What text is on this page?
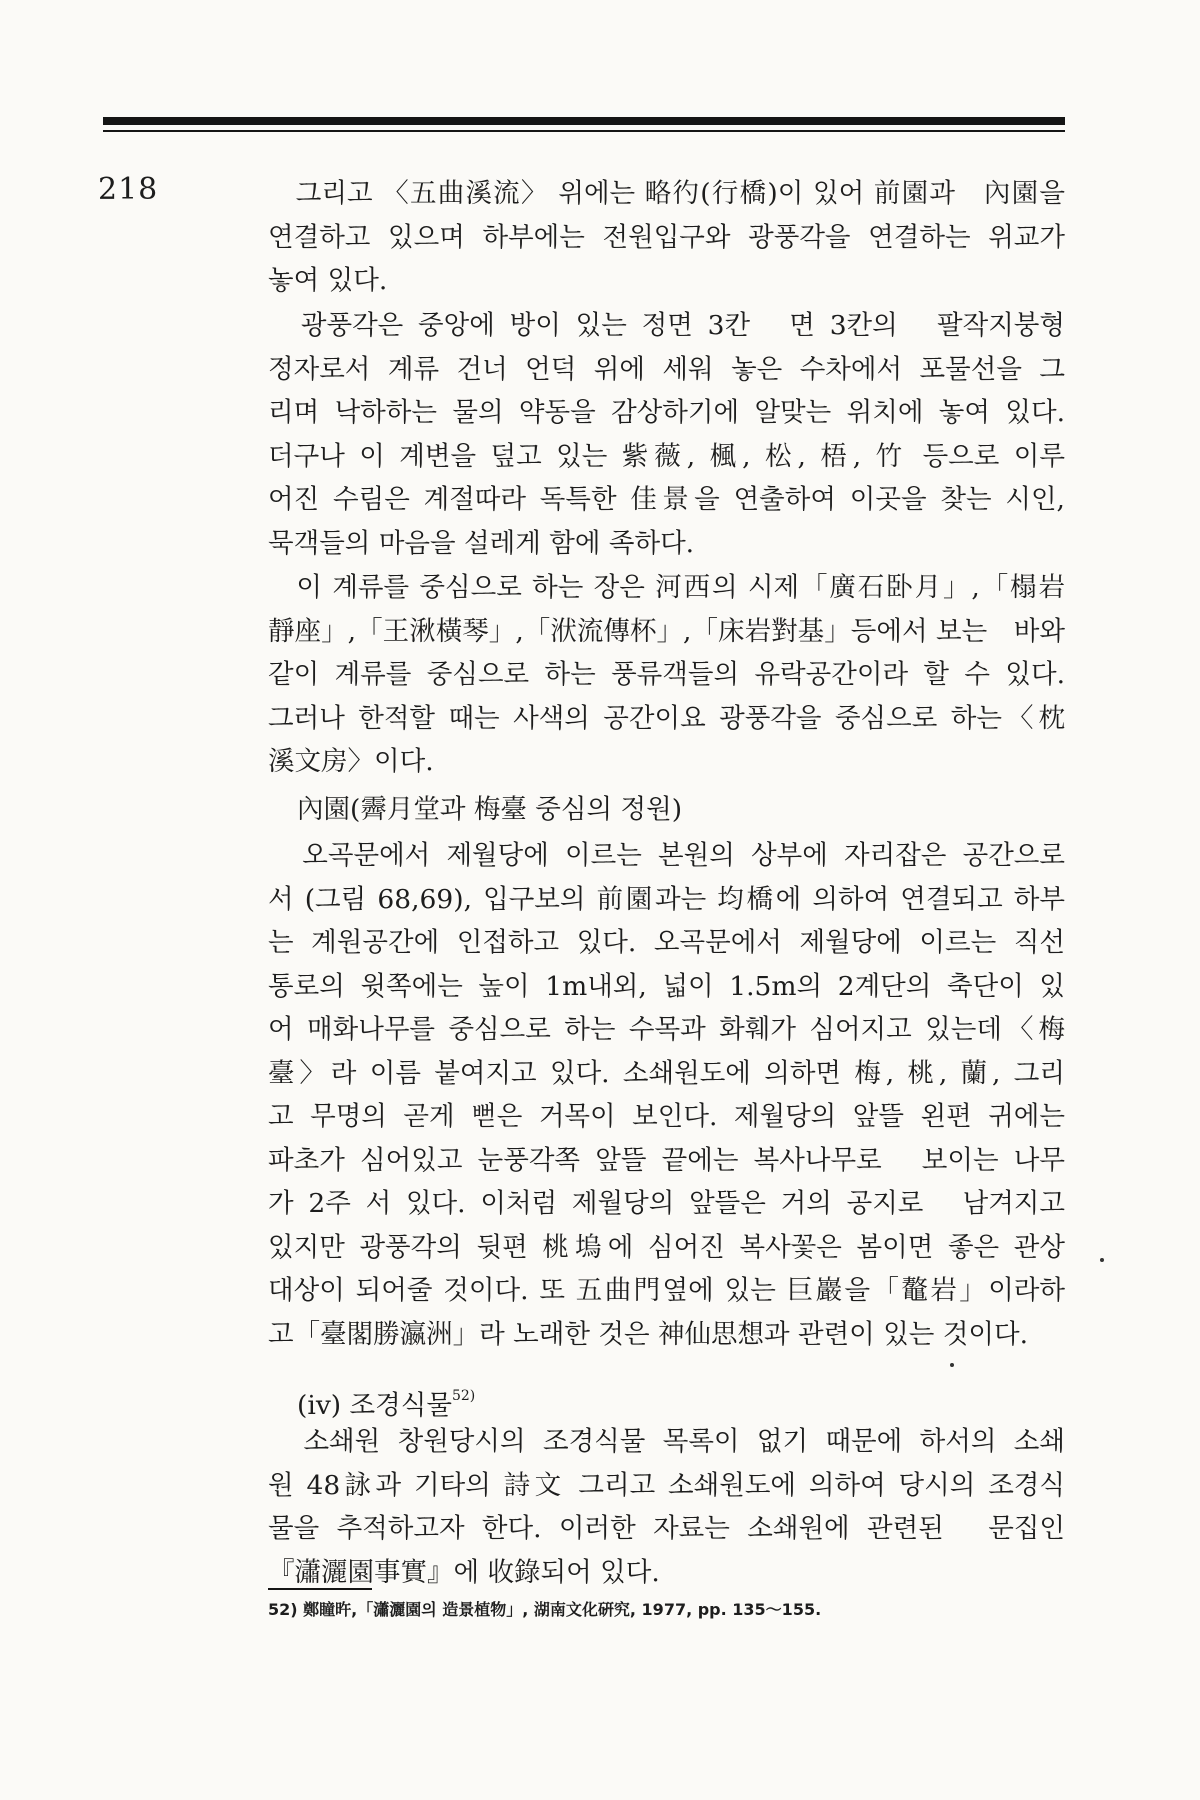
218	　그리고 〈五曲溪流〉 위에는 略彴(行橋)이 있어 前園과　內園을
연결하고 있으며 하부에는 전원입구와 광풍각을 연결하는 위교가
놓여 있다.
　광풍각은 중앙에 방이 있는 정면 3칸　면 3칸의　팔작지붕형
정자로서 계류 건너 언덕 위에 세워 놓은 수차에서 포물선을 그
리며 낙하하는 물의 약동을 감상하기에 알맞는 위치에 놓여 있다.
더구나 이 계변을 덮고 있는 紫薇, 楓, 松, 梧, 竹 등으로 이루
어진 수림은 계절따라 독특한 佳景을 연출하여 이곳을 찾는 시인,
묵객들의 마음을 설레게 함에 족하다.
　이 계류를 중심으로 하는 장은 河西의 시제「廣石卧月」,「榻岩
靜座」,「王湫橫琴」,「洑流傳杯」,「床岩對基」등에서 보는　바와
같이 계류를 중심으로 하는 풍류객들의 유락공간이라 할 수 있다.
그러나 한적할 때는 사색의 공간이요 광풍각을 중심으로 하는〈枕
溪文房〉이다.
內園(霽月堂과 梅臺 중심의 정원)
　오곡문에서 제월당에 이르는 본원의 상부에 자리잡은 공간으로
서 (그림 68,69), 입구보의 前園과는 均橋에 의하여 연결되고 하부
는 계원공간에 인접하고 있다. 오곡문에서 제월당에 이르는 직선
통로의 윗쪽에는 높이 1m내외, 넓이 1.5m의 2계단의 축단이 있
어 매화나무를 중심으로 하는 수목과 화훼가 심어지고 있는데〈梅
臺〉라 이름 붙여지고 있다. 소쇄원도에 의하면 梅, 桃, 蘭, 그리
고 무명의 곧게 뻗은 거목이 보인다. 제월당의 앞뜰 왼편 귀에는
파초가 심어있고 눈풍각쪽 앞뜰 끝에는 복사나무로　보이는 나무
가 2주 서 있다. 이처럼 제월당의 앞뜰은 거의 공지로　남겨지고
있지만 광풍각의 뒷편 桃塢에 심어진 복사꽃은 봄이면 좋은 관상
대상이 되어줄 것이다. 또 五曲門옆에 있는 巨巖을「鼇岩」이라하
고「臺閣勝瀛洲」라 노래한 것은 神仙思想과 관련이 있는 것이다.
(iv) 조경식물$^{52)}$
　소쇄원 창원당시의 조경식물 목록이 없기 때문에 하서의 소쇄
원 48詠과 기타의 詩文 그리고 소쇄원도에 의하여 당시의 조경식
물을 추적하고자 한다. 이러한 자료는 소쇄원에 관련된　문집인
『瀟灑園事實』에 收錄되어 있다.
52) 鄭瞳旿,「瀟灑園의 造景植物」, 湖南文化硏究, 1977, pp. 135～155.
